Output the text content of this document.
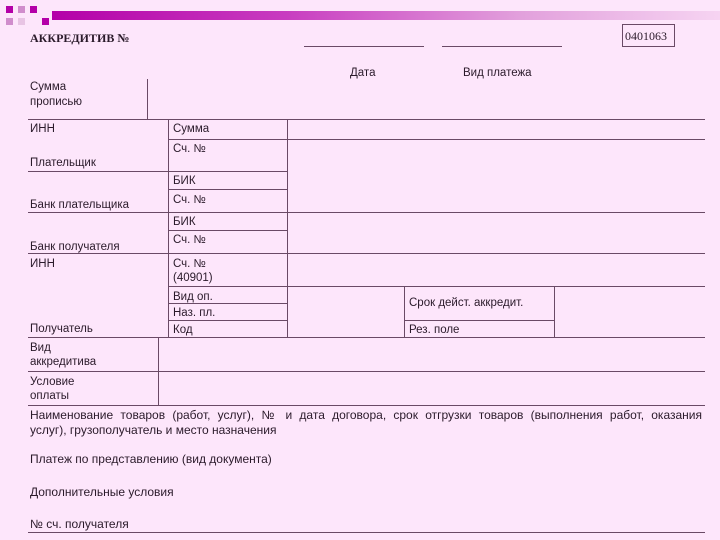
АККРЕДИТИВ №	0401063
Дата	Вид платежа
Сумма
прописью
ИНН
Плательщик
Банк плательщика
Банк получателя
ИНН
Получатель
Сумма
Сч. №
БИК
Сч. №
БИК
Сч. №
Сч. №
(40901)
Вид оп.
Наз. пл.
Код
Срок дейст. аккредит.
Рез. поле
Вид
аккредитива
Условие
оплаты
Наименование товаров (работ, услуг), № и дата договора, срок отгрузки товаров (выполнения работ, оказания
услуг), грузополучатель и место назначения
Платеж по представлению (вид документа)
Дополнительные условия
№ сч. получателя
